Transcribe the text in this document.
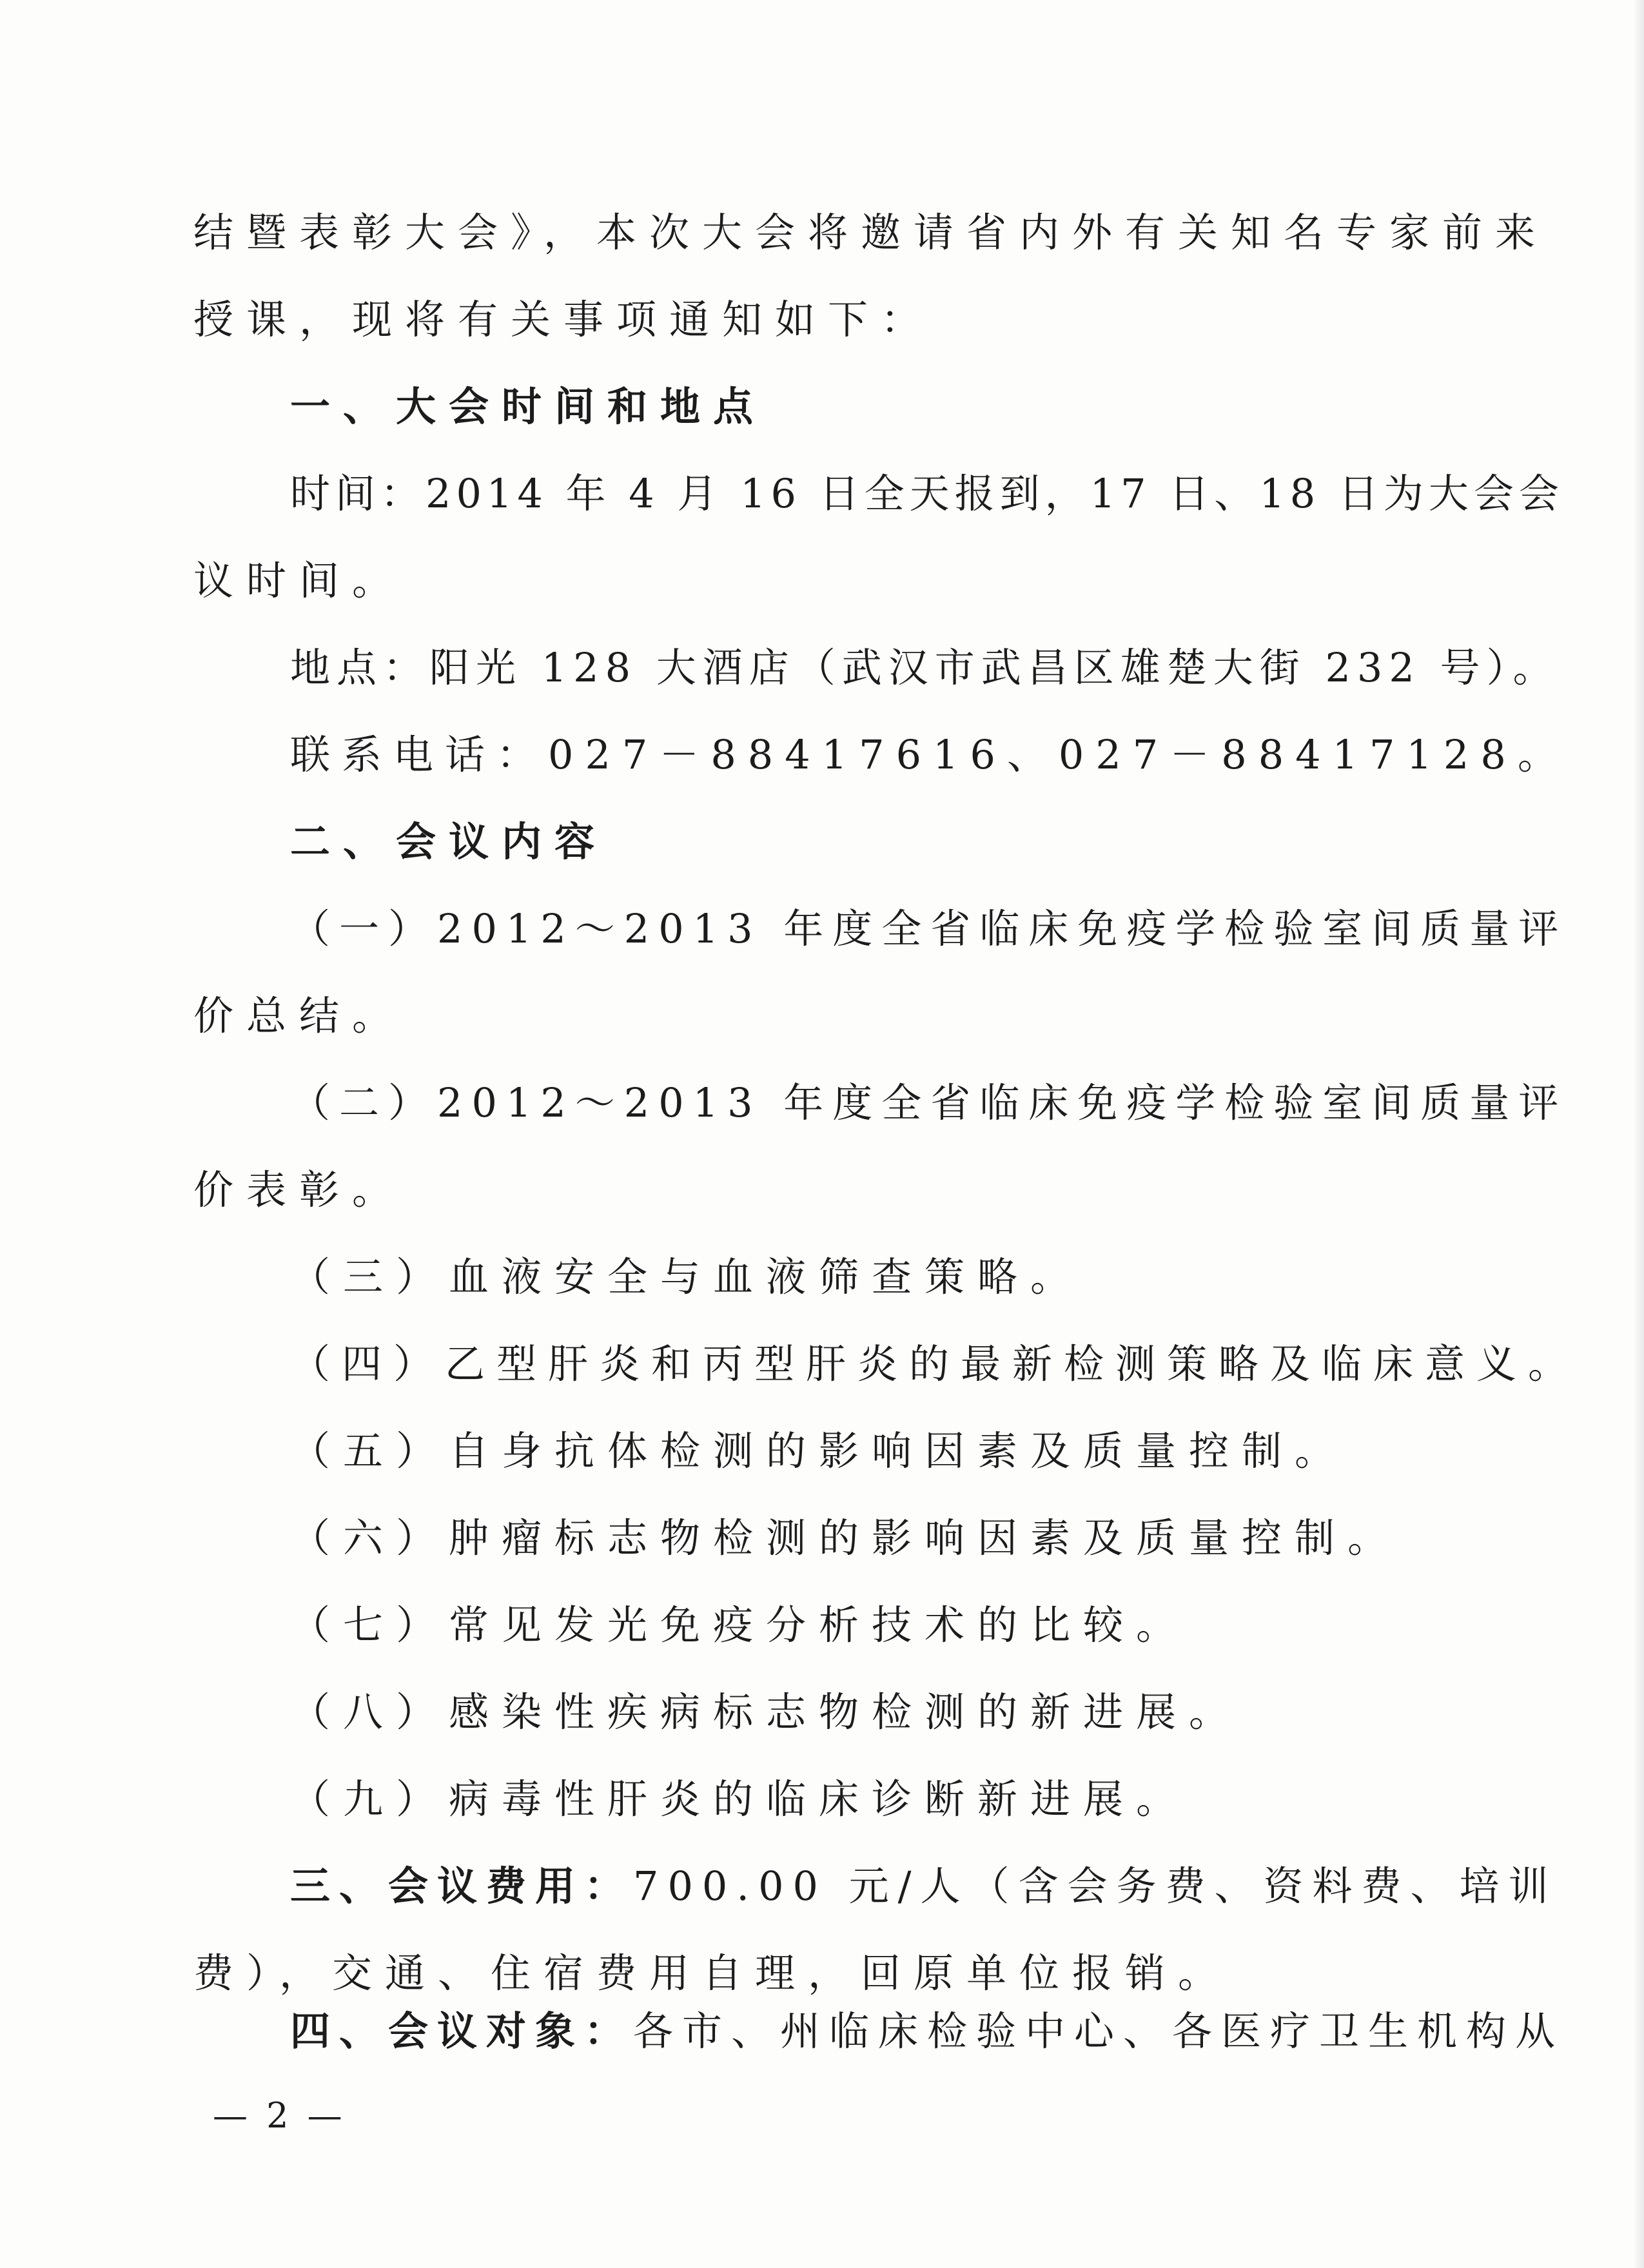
结暨表彰大会》，本次大会将邀请省内外有关知名专家前来
授课，现将有关事项通知如下：
一、大会时间和地点
时间：2014 年 4 月 16 日全天报到，17 日、18 日为大会会
议时间。
地点：阳光 128 大酒店（武汉市武昌区雄楚大街 232 号）。
联系电话：027－88417616、027－88417128。
二、会议内容
（一）2012～2013 年度全省临床免疫学检验室间质量评
价总结。
（二）2012～2013 年度全省临床免疫学检验室间质量评
价表彰。
（三）血液安全与血液筛查策略。
（四）乙型肝炎和丙型肝炎的最新检测策略及临床意义。
（五）自身抗体检测的影响因素及质量控制。
（六）肿瘤标志物检测的影响因素及质量控制。
（七）常见发光免疫分析技术的比较。
（八）感染性疾病标志物检测的新进展。
（九）病毒性肝炎的临床诊断新进展。
三、会议费用：700.00 元/人（含会务费、资料费、培训
费），交通、住宿费用自理，回原单位报销。
四、会议对象：各市、州临床检验中心、各医疗卫生机构从
— 2 —
